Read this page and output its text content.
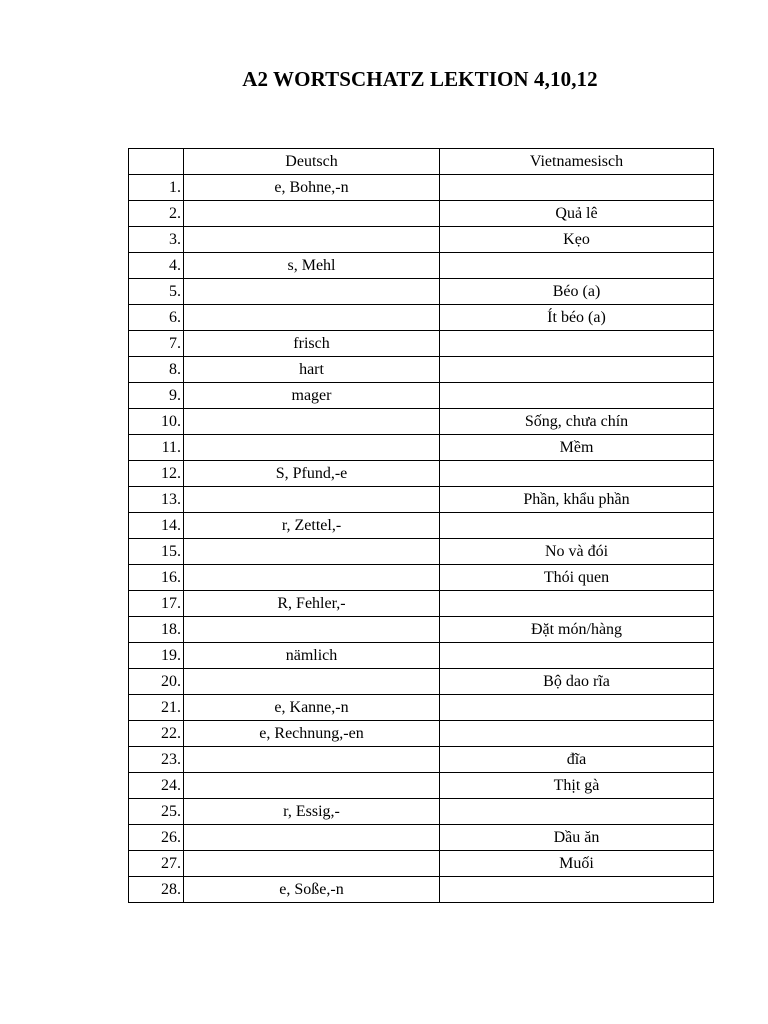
A2 WORTSCHATZ LEKTION 4,10,12
	Deutsch	Vietnamesisch
1.	e, Bohne,-n	
2.		Quả lê
3.		Kẹo
4.	s, Mehl	
5.		Béo (a)
6.		Ít béo (a)
7.	frisch	
8.	hart	
9.	mager	
10.		Sống, chưa chín
11.		Mềm
12.	S, Pfund,-e	
13.		Phần, khẩu phần
14.	r, Zettel,-	
15.		No và đói
16.		Thói quen
17.	R, Fehler,-	
18.		Đặt món/hàng
19.	nämlich	
20.		Bộ dao rĩa
21.	e, Kanne,-n	
22.	e, Rechnung,-en	
23.		đĩa
24.		Thịt gà
25.	r, Essig,-	
26.		Dầu ăn
27.		Muối
28.	e, Soße,-n	
